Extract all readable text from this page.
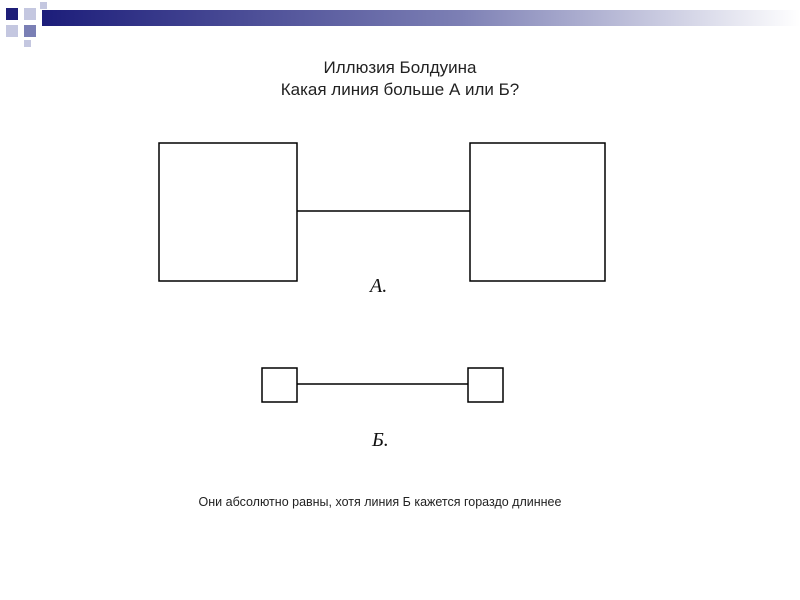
Иллюзия Болдуина
Какая линия больше А или Б?
А.
Б.
Они абсолютно равны, хотя линия Б кажется гораздо длиннее
